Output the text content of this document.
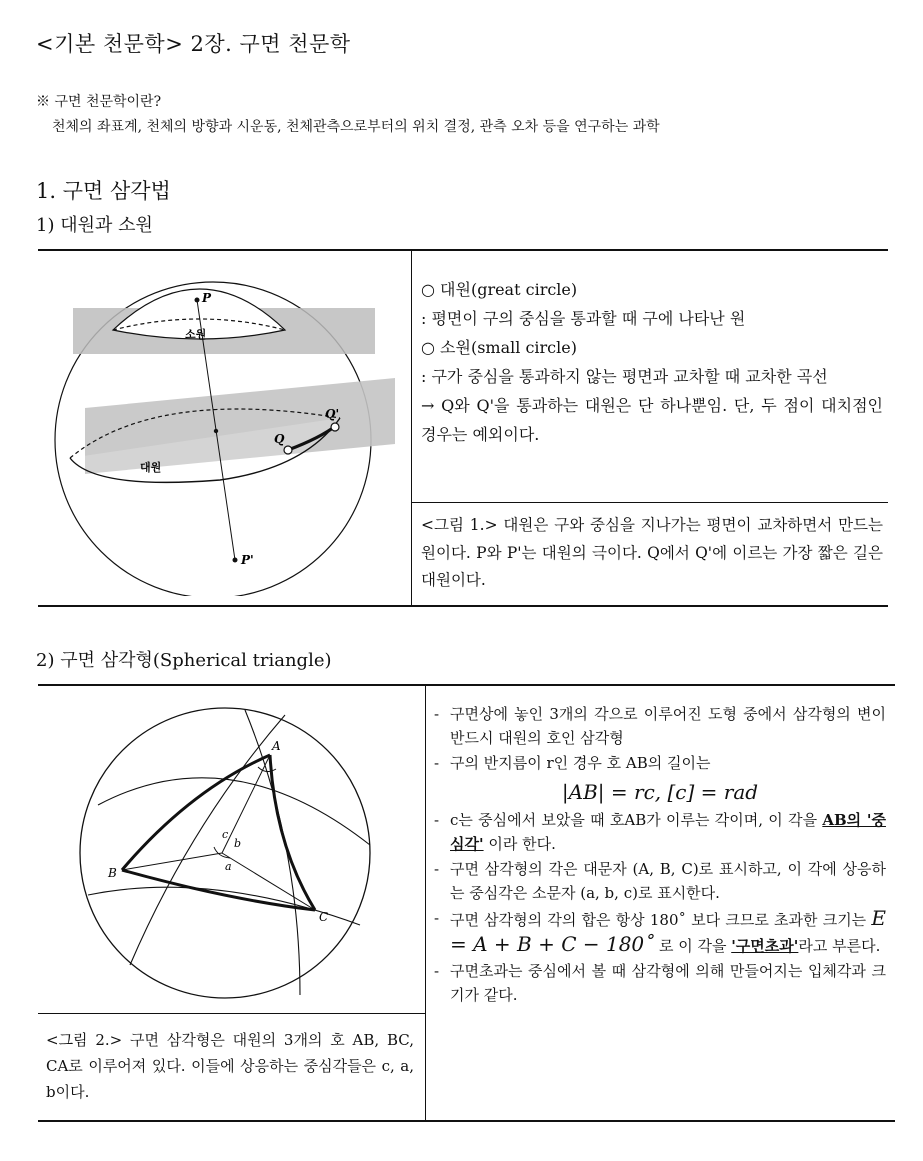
<기본 천문학> 2장. 구면 천문학
※ 구면 천문학이란?
천체의 좌표계, 천체의 방향과 시운동, 천체관측으로부터의 위치 결정, 관측 오차 등을 연구하는 과학
1. 구면 삼각법
1) 대원과 소원
P
P'
Q
Q'
소원
대원

○ 대원(great circle)

: 평면이 구의 중심을 통과할 때 구에 나타난 원

○ 소원(small circle)

: 구가 중심을 통과하지 않는 평면과 교차할 때 교차한 곡선

→ Q와 Q'을 통과하는 대원은 단 하나뿐임. 단, 두 점이 대치점인 경우는 예외이다.

<그림 1.> 대원은 구와 중심을 지나가는 평면이 교차하면서 만드는 원이다. P와 P'는 대원의 극이다. Q에서 Q'에 이르는 가장 짧은 길은 대원이다.
2) 구면 삼각형(Spherical triangle)
A
B
C
a
b
c
<그림 2.> 구면 삼각형은 대원의 3개의 호 AB, BC, CA로 이루어져 있다. 이들에 상응하는 중심각들은 c, a, b이다.
- 구면상에 놓인 3개의 각으로 이루어진 도형 중에서 삼각형의 변이 반드시 대원의 호인 삼각형
- 구의 반지름이 r인 경우 호 AB의 길이는
|AB| = rc, [c] = rad
- c는 중심에서 보았을 때 호AB가 이루는 각이며, 이 각을 AB의 '중심각' 이라 한다.
- 구면 삼각형의 각은 대문자 (A, B, C)로 표시하고, 이 각에 상응하는 중심각은 소문자 (a, b, c)로 표시한다.
- 구면 삼각형의 각의 합은 항상 180˚ 보다 크므로 초과한 크기는 E = A + B + C − 180˚ 로 이 각을 '구면초과'라고 부른다.
- 구면초과는 중심에서 볼 때 삼각형에 의해 만들어지는 입체각과 크기가 같다.
